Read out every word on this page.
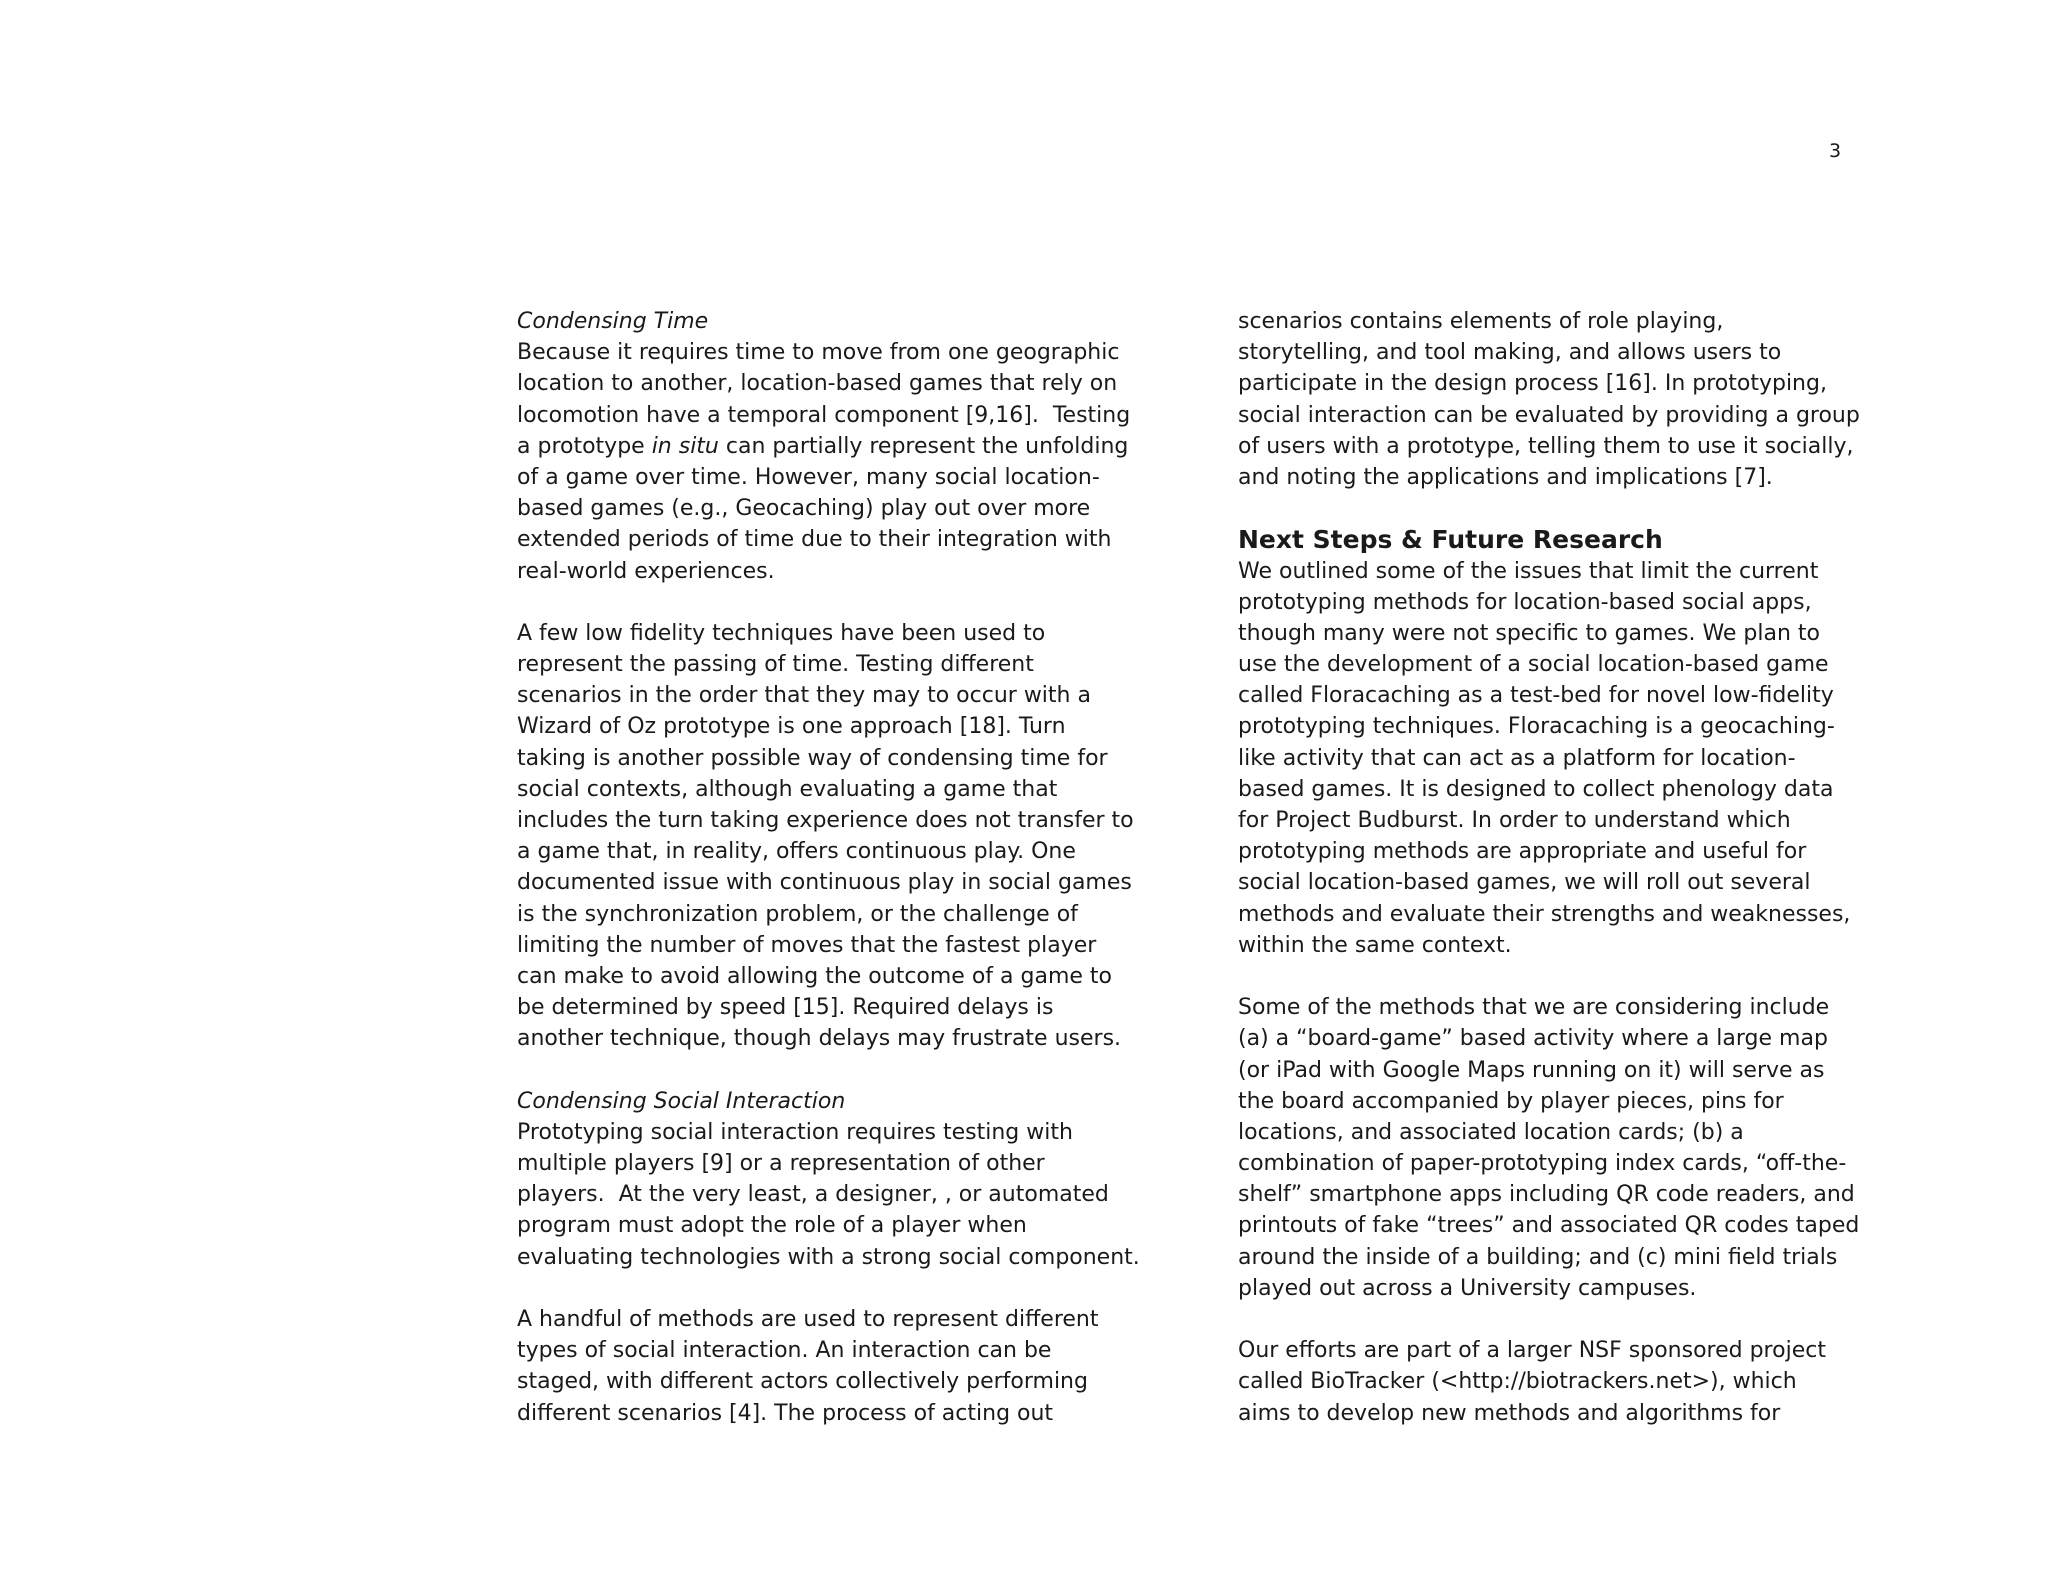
3
Condensing Time
Because it requires time to move from one geographic
location to another, location-based games that rely on
locomotion have a temporal component [9,16].  Testing
a prototype in situ can partially represent the unfolding
of a game over time. However, many social location-
based games (e.g., Geocaching) play out over more
extended periods of time due to their integration with
real-world experiences.
A few low fidelity techniques have been used to
represent the passing of time. Testing different
scenarios in the order that they may to occur with a
Wizard of Oz prototype is one approach [18]. Turn
taking is another possible way of condensing time for
social contexts, although evaluating a game that
includes the turn taking experience does not transfer to
a game that, in reality, offers continuous play. One
documented issue with continuous play in social games
is the synchronization problem, or the challenge of
limiting the number of moves that the fastest player
can make to avoid allowing the outcome of a game to
be determined by speed [15]. Required delays is
another technique, though delays may frustrate users.
Condensing Social Interaction
Prototyping social interaction requires testing with
multiple players [9] or a representation of other
players.  At the very least, a designer, , or automated
program must adopt the role of a player when
evaluating technologies with a strong social component.
A handful of methods are used to represent different
types of social interaction. An interaction can be
staged, with different actors collectively performing
different scenarios [4]. The process of acting out
scenarios contains elements of role playing,
storytelling, and tool making, and allows users to
participate in the design process [16]. In prototyping,
social interaction can be evaluated by providing a group
of users with a prototype, telling them to use it socially,
and noting the applications and implications [7].
Next Steps & Future Research
We outlined some of the issues that limit the current
prototyping methods for location-based social apps,
though many were not specific to games. We plan to
use the development of a social location-based game
called Floracaching as a test-bed for novel low-fidelity
prototyping techniques. Floracaching is a geocaching-
like activity that can act as a platform for location-
based games. It is designed to collect phenology data
for Project Budburst. In order to understand which
prototyping methods are appropriate and useful for
social location-based games, we will roll out several
methods and evaluate their strengths and weaknesses,
within the same context.
Some of the methods that we are considering include
(a) a “board-game” based activity where a large map
(or iPad with Google Maps running on it) will serve as
the board accompanied by player pieces, pins for
locations, and associated location cards; (b) a
combination of paper-prototyping index cards, “off-the-
shelf” smartphone apps including QR code readers, and
printouts of fake “trees” and associated QR codes taped
around the inside of a building; and (c) mini field trials
played out across a University campuses.
Our efforts are part of a larger NSF sponsored project
called BioTracker (<http://biotrackers.net>), which
aims to develop new methods and algorithms for
